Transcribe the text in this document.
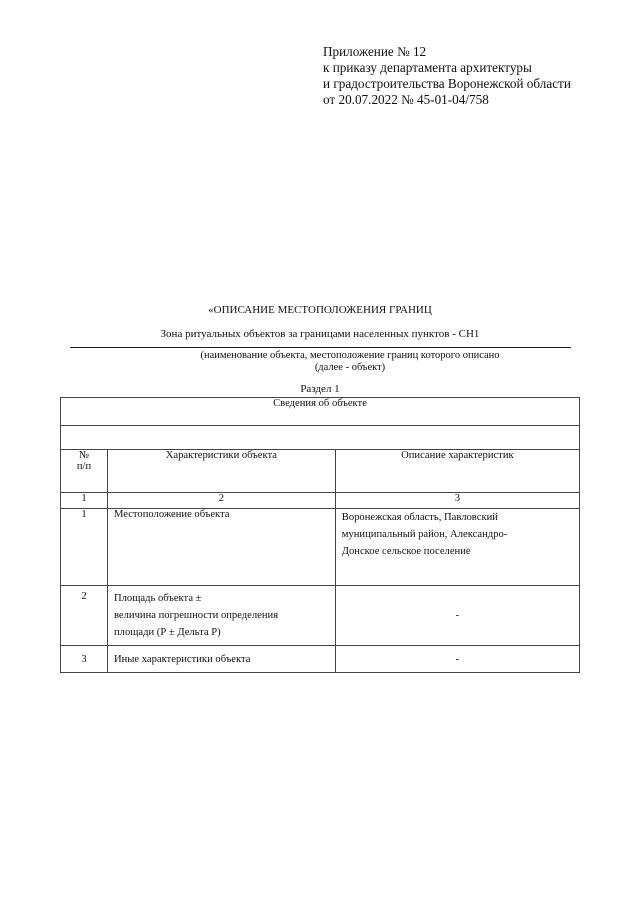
Приложение № 12
к приказу департамента архитектуры
и градостроительства Воронежской области
от 20.07.2022 № 45-01-04/758
«ОПИСАНИЕ МЕСТОПОЛОЖЕНИЯ ГРАНИЦ
Зона ритуальных объектов за границами населенных пунктов - СН1
(наименование объекта, местоположение границ которого описано
(далее - объект)
Раздел 1
Сведения об объекте		

№
п/п	Характеристики объекта	Описание характеристик
1	2	3
1	Местоположение объекта	Воронежская область, Павловский
муниципальный район, Александро-
Донское сельское поселение

2	Площадь объекта ±
величина погрешности определения
площади (Р ± Дельта Р)	-
3	Иные характеристики объекта	-
